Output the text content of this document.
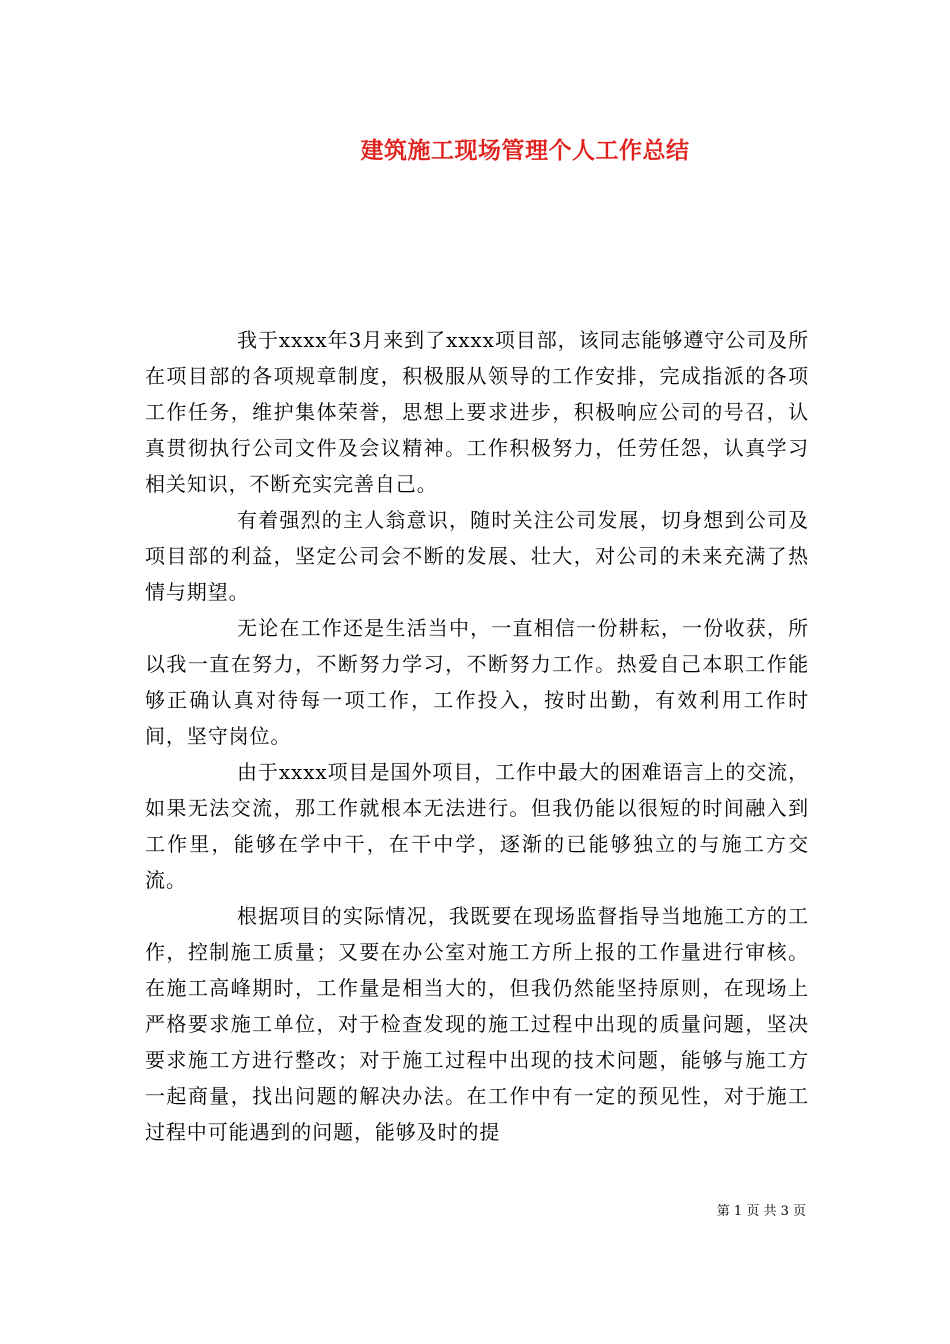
建筑施工现场管理个人工作总结

我于xxxx年3月来到了xxxx项目部，该同志能够遵守公司及所在项目部的各项规章制度，积极服从领导的工作安排，完成指派的各项工作任务，维护集体荣誉，思想上要求进步，积极响应公司的号召，认真贯彻执行公司文件及会议精神。工作积极努力，任劳任怨，认真学习相关知识，不断充实完善自己。

有着强烈的主人翁意识，随时关注公司发展，切身想到公司及项目部的利益，坚定公司会不断的发展、壮大，对公司的未来充满了热情与期望。

无论在工作还是生活当中，一直相信一份耕耘，一份收获，所以我一直在努力，不断努力学习，不断努力工作。热爱自己本职工作能够正确认真对待每一项工作，工作投入，按时出勤，有效利用工作时间，坚守岗位。

由于xxxx项目是国外项目，工作中最大的困难语言上的交流，如果无法交流，那工作就根本无法进行。但我仍能以很短的时间融入到工作里，能够在学中干，在干中学，逐渐的已能够独立的与施工方交流。

根据项目的实际情况，我既要在现场监督指导当地施工方的工作，控制施工质量；又要在办公室对施工方所上报的工作量进行审核。在施工高峰期时，工作量是相当大的，但我仍然能坚持原则，在现场上严格要求施工单位，对于检查发现的施工过程中出现的质量问题，坚决要求施工方进行整改；对于施工过程中出现的技术问题，能够与施工方一起商量，找出问题的解决办法。在工作中有一定的预见性，对于施工过程中可能遇到的问题，能够及时的提

第 1 页 共 3 页
